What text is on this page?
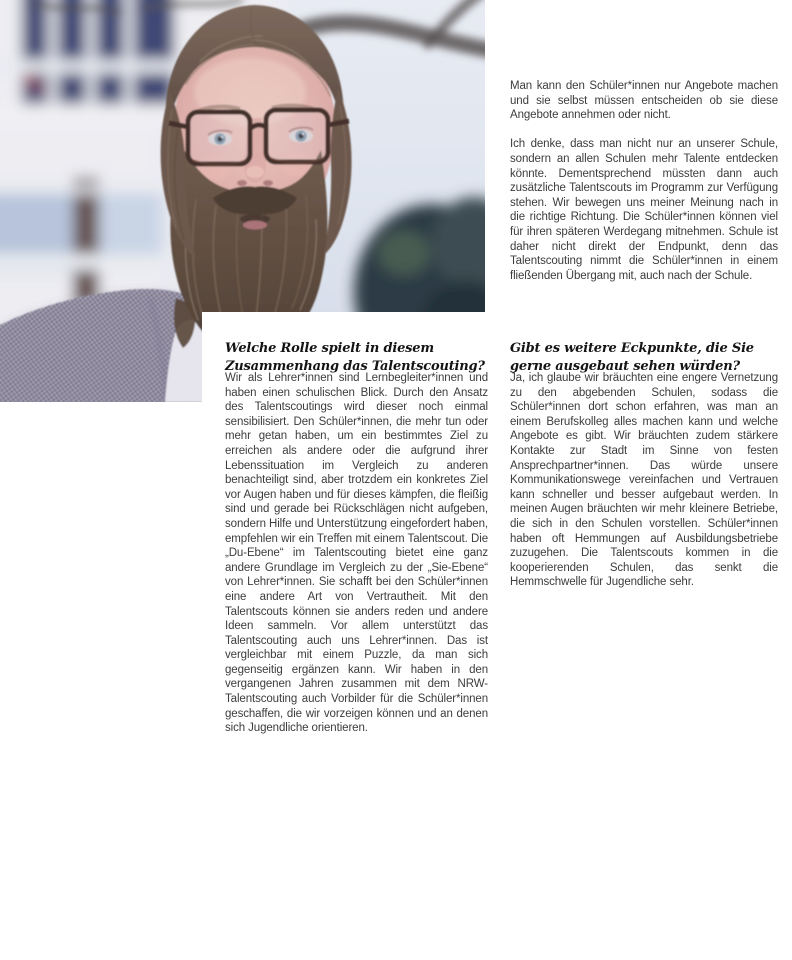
Man kann den Schüler*innen nur Angebote machen und sie selbst müssen entscheiden ob sie diese Angebote annehmen oder nicht.

Ich denke, dass man nicht nur an unserer Schule, sondern an allen Schulen mehr Talente entdecken könnte. Dementsprechend müssten dann auch zusätzliche Talentscouts im Programm zur Verfügung stehen. Wir bewegen uns meiner Meinung nach in die richtige Richtung. Die Schüler*innen können viel für ihren späteren Werdegang mitnehmen. Schule ist daher nicht direkt der Endpunkt, denn das Talentscouting nimmt die Schüler*innen in einem fließenden Übergang mit, auch nach der Schule.

Welche Rolle spielt in diesem Zusammenhang das Talentscouting?

Wir als Lehrer*innen sind Lernbegleiter*innen und haben einen schulischen Blick. Durch den Ansatz des Talentscoutings wird dieser noch einmal sensibilisiert. Den Schüler*innen, die mehr tun oder mehr getan haben, um ein bestimmtes Ziel zu erreichen als andere oder die aufgrund ihrer Lebenssituation im Vergleich zu anderen benachteiligt sind, aber trotzdem ein konkretes Ziel vor Augen haben und für dieses kämpfen, die fleißig sind und gerade bei Rückschlägen nicht aufgeben, sondern Hilfe und Unterstützung eingefordert haben, empfehlen wir ein Treffen mit einem Talentscout. Die „Du-Ebene“ im Talentscouting bietet eine ganz andere Grundlage im Vergleich zu der „Sie-Ebene“ von Lehrer*innen. Sie schafft bei den Schüler*innen eine andere Art von Vertrautheit. Mit den Talentscouts können sie anders reden und andere Ideen sammeln. Vor allem unterstützt das Talentscouting auch uns Lehrer*innen. Das ist vergleichbar mit einem Puzzle, da man sich gegenseitig ergänzen kann. Wir haben in den vergangenen Jahren zusammen mit dem NRW-Talentscouting auch Vorbilder für die Schüler*innen geschaffen, die wir vorzeigen können und an denen sich Jugendliche orientieren.

Gibt es weitere Eckpunkte, die Sie gerne ausgebaut sehen würden?

Ja, ich glaube wir bräuchten eine engere Vernetzung zu den abgebenden Schulen, sodass die Schüler*innen dort schon erfahren, was man an einem Berufskolleg alles machen kann und welche Angebote es gibt. Wir bräuchten zudem stärkere Kontakte zur Stadt im Sinne von festen Ansprechpartner*innen. Das würde unsere Kommunikationswege vereinfachen und Vertrauen kann schneller und besser aufgebaut werden. In meinen Augen bräuchten wir mehr kleinere Betriebe, die sich in den Schulen vorstellen. Schüler*innen haben oft Hemmungen auf Ausbildungsbetriebe zuzugehen. Die Talentscouts kommen in die kooperierenden Schulen, das senkt die Hemmschwelle für Jugendliche sehr.
